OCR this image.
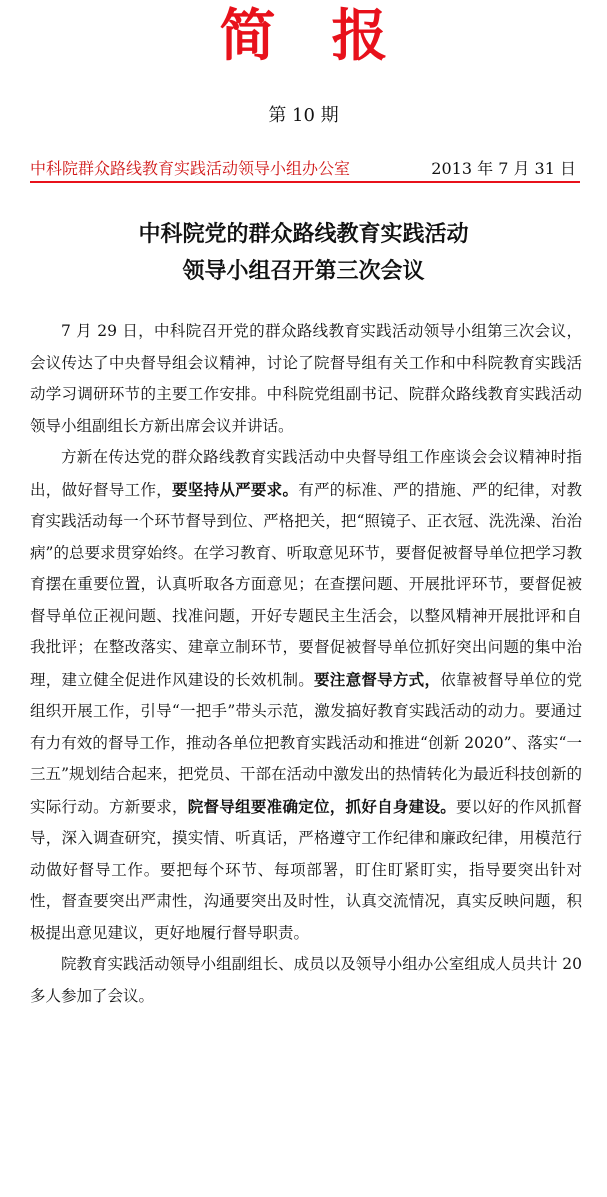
简报
第 10 期
中科院群众路线教育实践活动领导小组办公室	2013 年 7 月 31 日
中科院党的群众路线教育实践活动
领导小组召开第三次会议

7 月 29 日，中科院召开党的群众路线教育实践活动领导小组第三次会议，会议传达了中央督导组会议精神，讨论了院督导组有关工作和中科院教育实践活动学习调研环节的主要工作安排。中科院党组副书记、院群众路线教育实践活动领导小组副组长方新出席会议并讲话。

方新在传达党的群众路线教育实践活动中央督导组工作座谈会会议精神时指出，做好督导工作，要坚持从严要求。有严的标准、严的措施、严的纪律，对教育实践活动每一个环节督导到位、严格把关，把“照镜子、正衣冠、洗洗澡、治治病”的总要求贯穿始终。在学习教育、听取意见环节，要督促被督导单位把学习教育摆在重要位置，认真听取各方面意见；在查摆问题、开展批评环节，要督促被督导单位正视问题、找准问题，开好专题民主生活会，以整风精神开展批评和自我批评；在整改落实、建章立制环节，要督促被督导单位抓好突出问题的集中治理，建立健全促进作风建设的长效机制。要注意督导方式，依靠被督导单位的党组织开展工作，引导“一把手”带头示范，激发搞好教育实践活动的动力。要通过有力有效的督导工作，推动各单位把教育实践活动和推进“创新 2020”、落实“一三五”规划结合起来，把党员、干部在活动中激发出的热情转化为最近科技创新的实际行动。方新要求，院督导组要准确定位，抓好自身建设。要以好的作风抓督导，深入调查研究，摸实情、听真话，严格遵守工作纪律和廉政纪律，用模范行动做好督导工作。要把每个环节、每项部署，盯住盯紧盯实，指导要突出针对性，督查要突出严肃性，沟通要突出及时性，认真交流情况，真实反映问题，积极提出意见建议，更好地履行督导职责。

院教育实践活动领导小组副组长、成员以及领导小组办公室组成人员共计 20 多人参加了会议。
